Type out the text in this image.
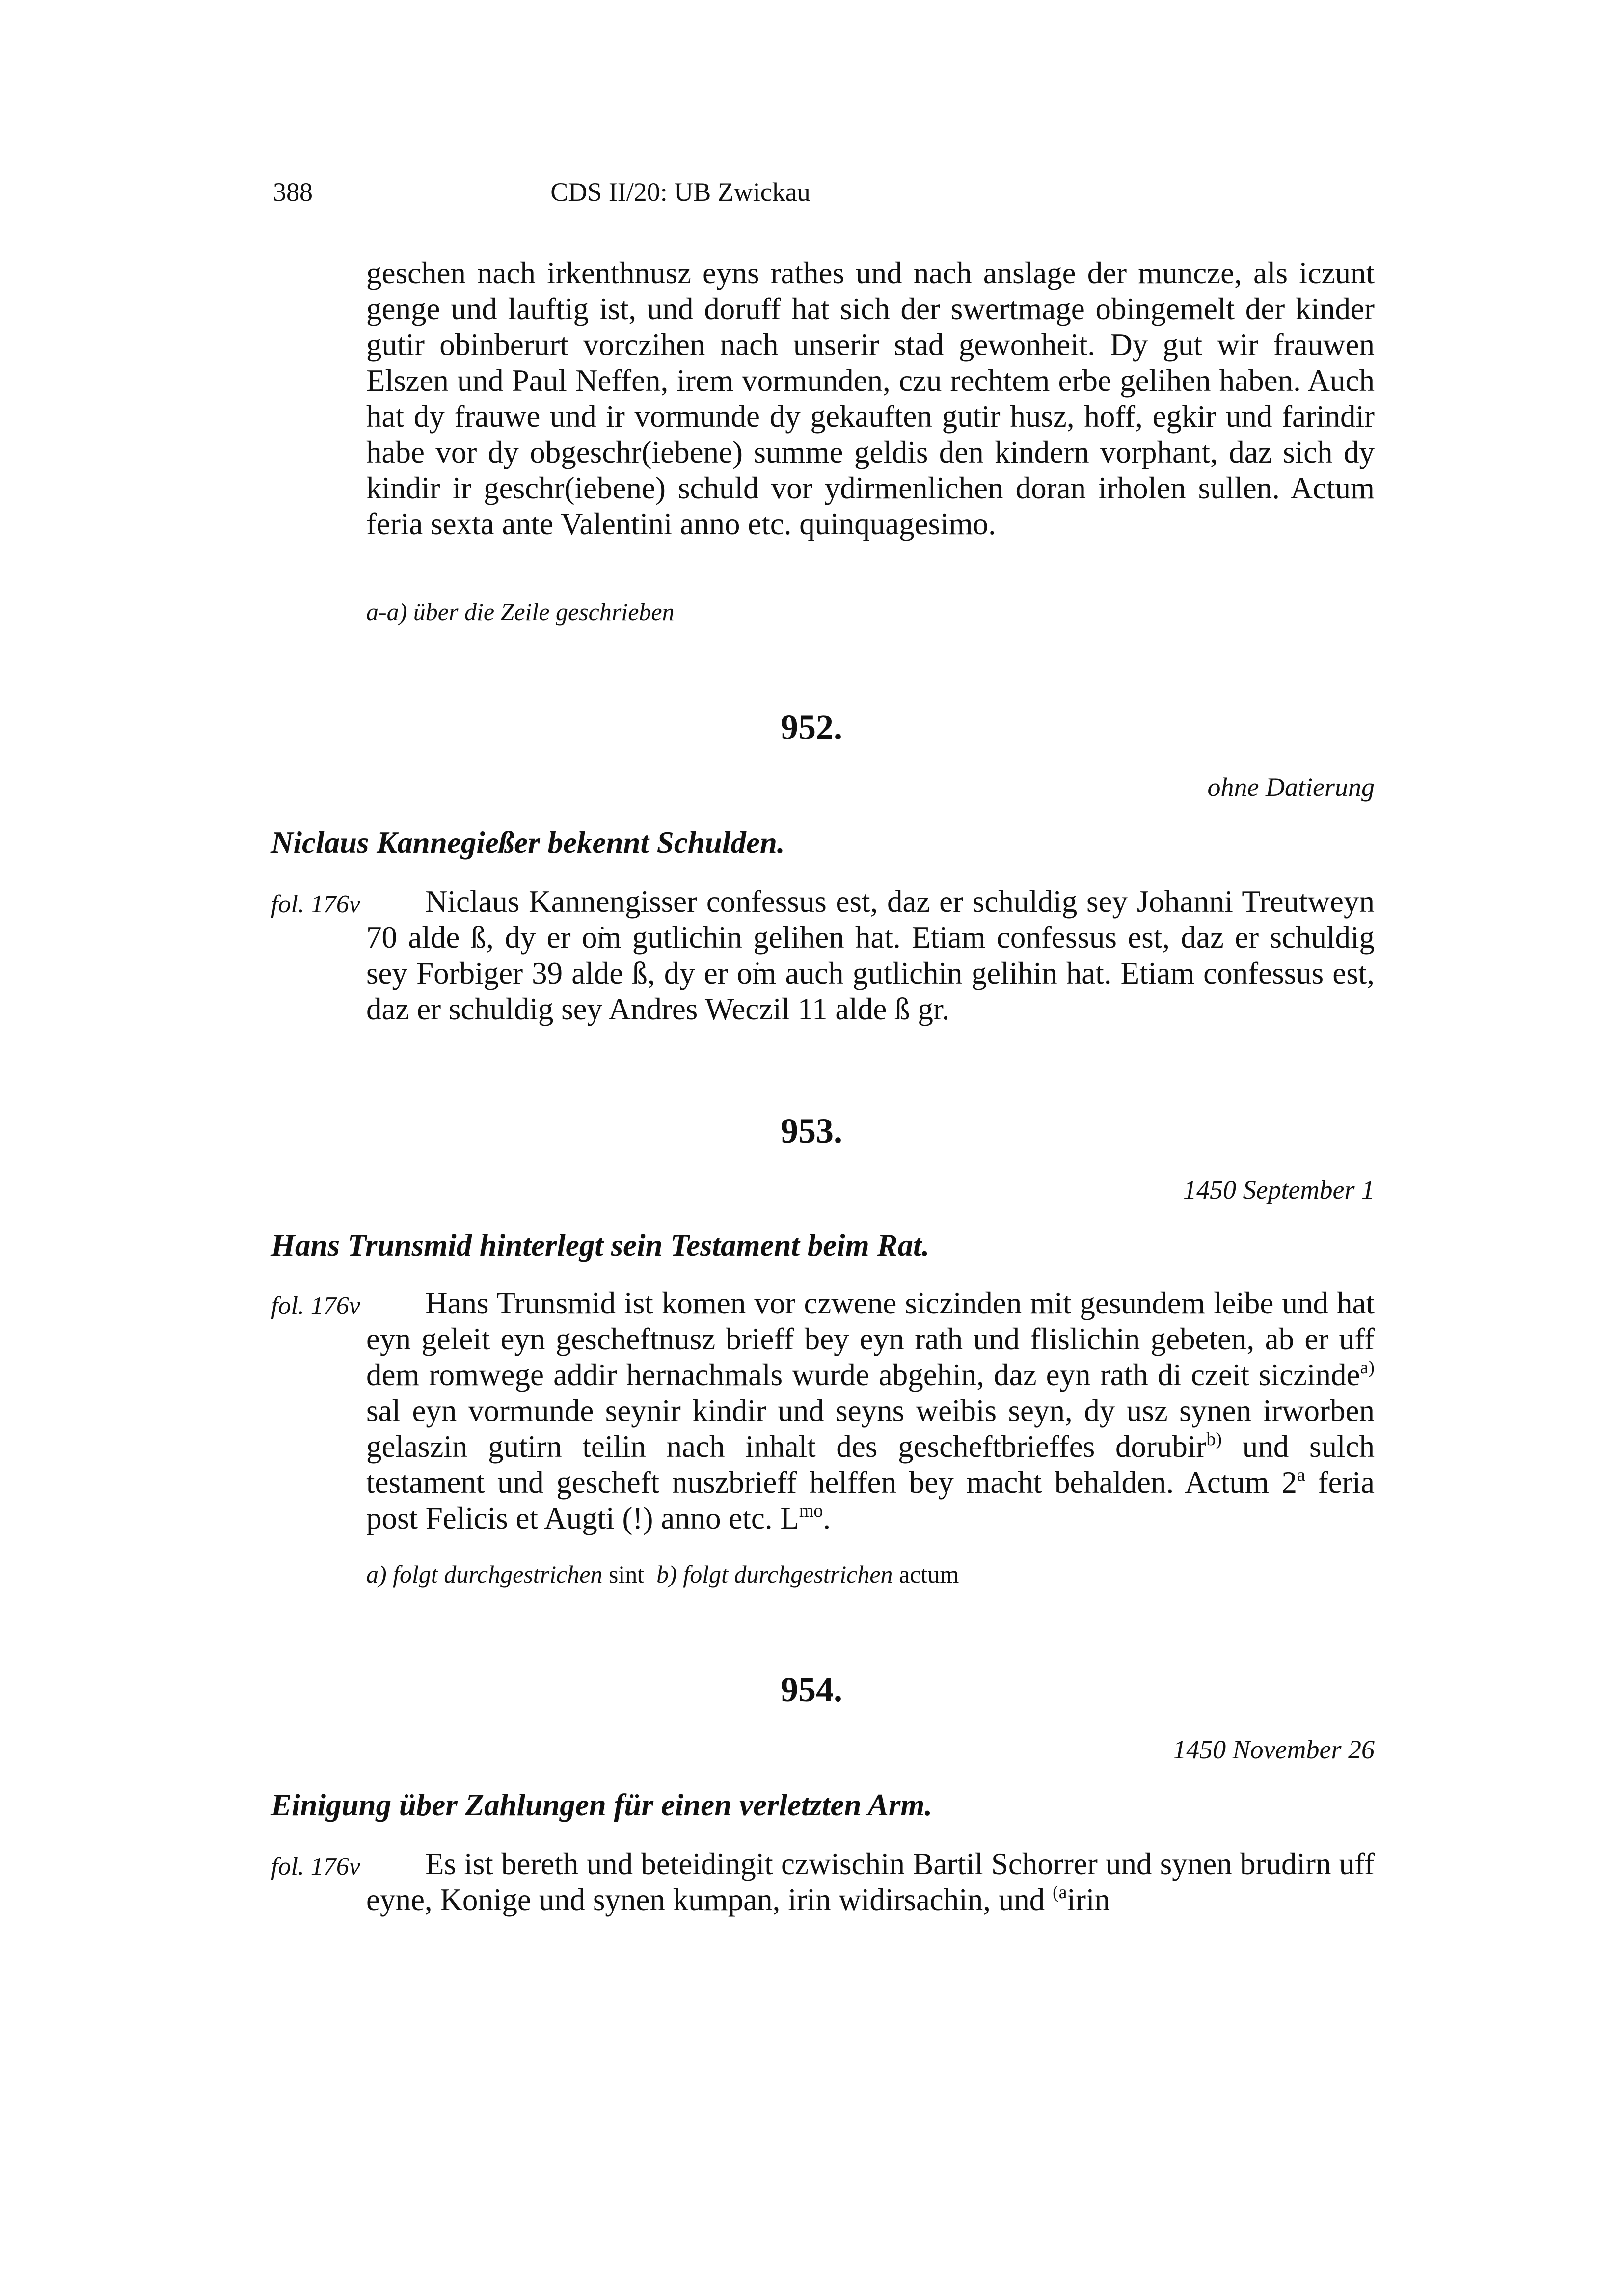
388	CDS II/20: UB Zwickau
geschen nach irkenthnusz eyns rathes und nach anslage der muncze, als iczunt genge und lauftig ist, und doruff hat sich der swertmage obingemelt der kinder gutir obinberurt vorczihen nach unserir stad gewonheit. Dy gut wir frauwen Elszen und Paul Neffen, irem vormunden, czu rechtem erbe gelihen haben. Auch hat dy frauwe und ir vormunde dy gekauften gutir husz, hoff, egkir und farindir habe vor dy obgeschr(iebene) summe geldis den kindern vorphant, daz sich dy kindir ir geschr(iebene) schuld vor ydirmenlichen doran irholen sullen. Actum feria sexta ante Valentini anno etc. quinquagesimo.
a-a) über die Zeile geschrieben
952.
ohne Datierung
Niclaus Kannegießer bekennt Schulden.
fol. 176v	Niclaus Kannengisser confessus est, daz er schuldig sey Johanni Treutweyn 70 alde ß, dy er o͘m gutlichin gelihen hat. Etiam confessus est, daz er schuldig sey Forbiger 39 alde ß, dy er o͘m auch gutlichin gelihin hat. Etiam confessus est, daz er schuldig sey Andres Weczil 11 alde ß gr.
953.
1450 September 1
Hans Trunsmid hinterlegt sein Testament beim Rat.
fol. 176v	Hans Trunsmid ist komen vor czwene siczinden mit gesundem leibe und hat eyn geleit eyn gescheftnusz brieff bey eyn rath und flislichin gebeten, ab er uff dem romwege addir hernachmals wurde abgehin, daz eyn rath di czeit siczinde$^{a)}$ sal eyn vormunde seynir kindir und seyns weibis seyn, dy usz synen irworben gelaszin gutirn teilin nach inhalt des gescheftbrieffes dorubir$^{b)}$ und sulch testament und gescheft nuszbrieff helffen bey macht behalden. Actum 2$^a$ feria post Felicis et Augti (!) anno etc. $L^{mo}$.
a) folgt durchgestrichen sint b) folgt durchgestrichen actum
954.
1450 November 26
Einigung über Zahlungen für einen verletzten Arm.
fol. 176v	Es ist bereth und beteidingit czwischin Bartil Schorrer und synen brudirn uff eyne, Konige und synen kumpan, irin widirsachin, und $^{(a}$irin
